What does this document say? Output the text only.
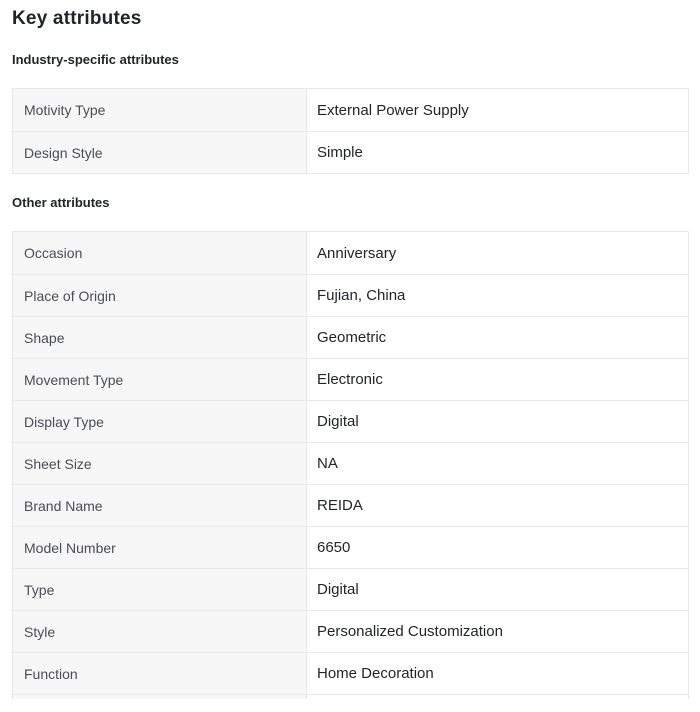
Key attributes
Industry-specific attributes
Motivity Type	External Power Supply
Design Style	Simple
Other attributes
Occasion	Anniversary
Place of Origin	Fujian, China
Shape	Geometric
Movement Type	Electronic
Display Type	Digital
Sheet Size	NA
Brand Name	REIDA
Model Number	6650
Type	Digital
Style	Personalized Customization
Function	Home Decoration
